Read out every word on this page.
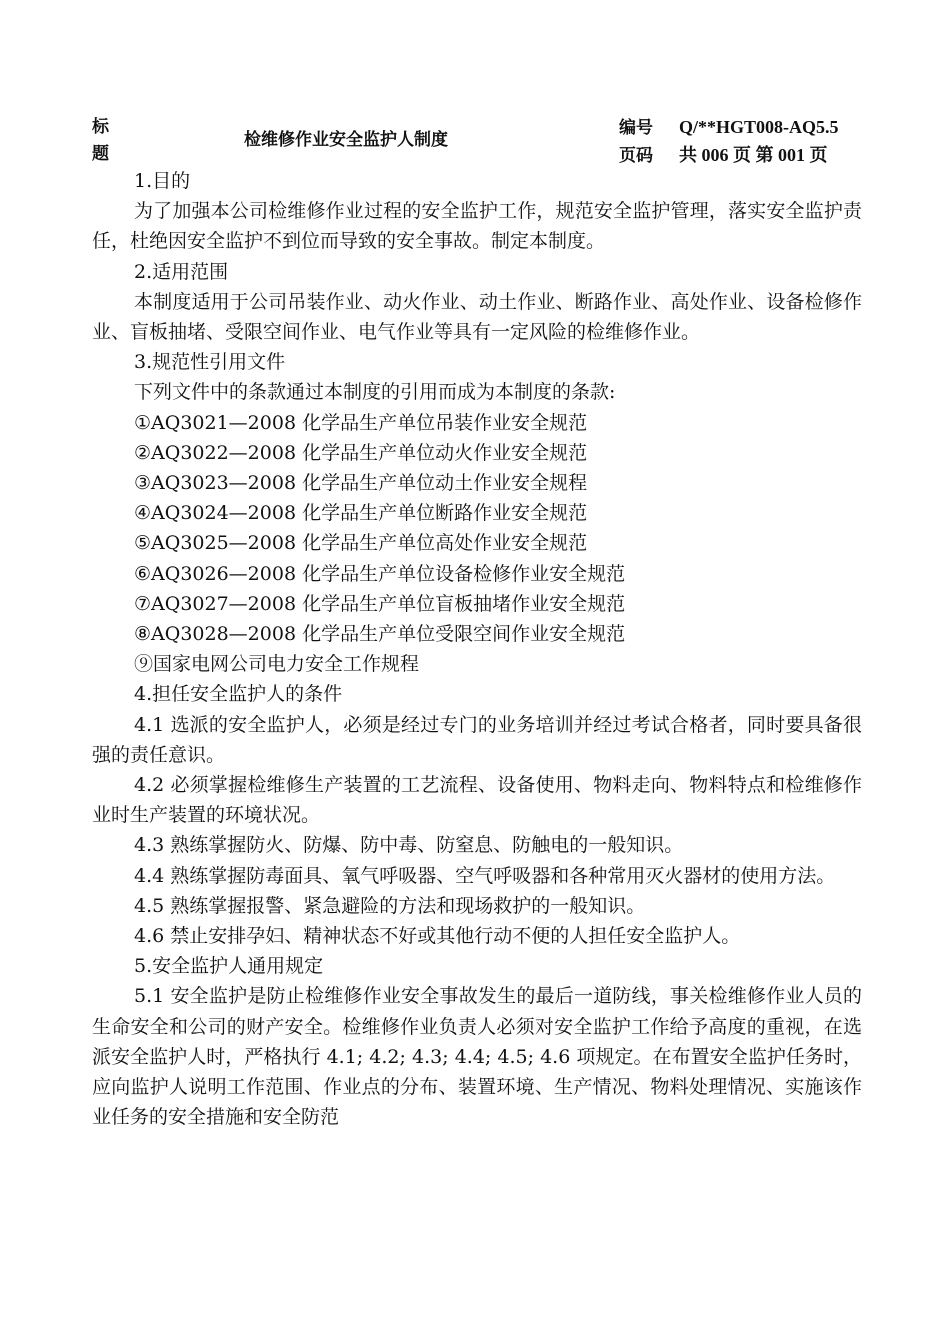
标
题
检维修作业安全监护人制度
编号 Q/**HGT008-AQ5.5
页码 共 006 页 第 001 页

1.目的

为了加强本公司检维修作业过程的安全监护工作，规范安全监护管理，落实安全监护责任，杜绝因安全监护不到位而导致的安全事故。制定本制度。

2.适用范围

本制度适用于公司吊装作业、动火作业、动土作业、断路作业、高处作业、设备检修作业、盲板抽堵、受限空间作业、电气作业等具有一定风险的检维修作业。

3.规范性引用文件

下列文件中的条款通过本制度的引用而成为本制度的条款:

①AQ3021—2008 化学品生产单位吊装作业安全规范

②AQ3022—2008 化学品生产单位动火作业安全规范

③AQ3023—2008 化学品生产单位动土作业安全规程

④AQ3024—2008 化学品生产单位断路作业安全规范

⑤AQ3025—2008 化学品生产单位高处作业安全规范

⑥AQ3026—2008 化学品生产单位设备检修作业安全规范

⑦AQ3027—2008 化学品生产单位盲板抽堵作业安全规范

⑧AQ3028—2008 化学品生产单位受限空间作业安全规范

⑨国家电网公司电力安全工作规程

4.担任安全监护人的条件

4.1 选派的安全监护人，必须是经过专门的业务培训并经过考试合格者，同时要具备很强的责任意识。

4.2 必须掌握检维修生产装置的工艺流程、设备使用、物料走向、物料特点和检维修作业时生产装置的环境状况。

4.3 熟练掌握防火、防爆、防中毒、防窒息、防触电的一般知识。

4.4 熟练掌握防毒面具、氧气呼吸器、空气呼吸器和各种常用灭火器材的使用方法。

4.5 熟练掌握报警、紧急避险的方法和现场救护的一般知识。

4.6 禁止安排孕妇、精神状态不好或其他行动不便的人担任安全监护人。

5.安全监护人通用规定

5.1 安全监护是防止检维修作业安全事故发生的最后一道防线，事关检维修作业人员的生命安全和公司的财产安全。检维修作业负责人必须对安全监护工作给予高度的重视，在选派安全监护人时，严格执行 4.1; 4.2; 4.3; 4.4; 4.5; 4.6 项规定。在布置安全监护任务时，应向监护人说明工作范围、作业点的分布、装置环境、生产情况、物料处理情况、实施该作业任务的安全措施和安全防范
